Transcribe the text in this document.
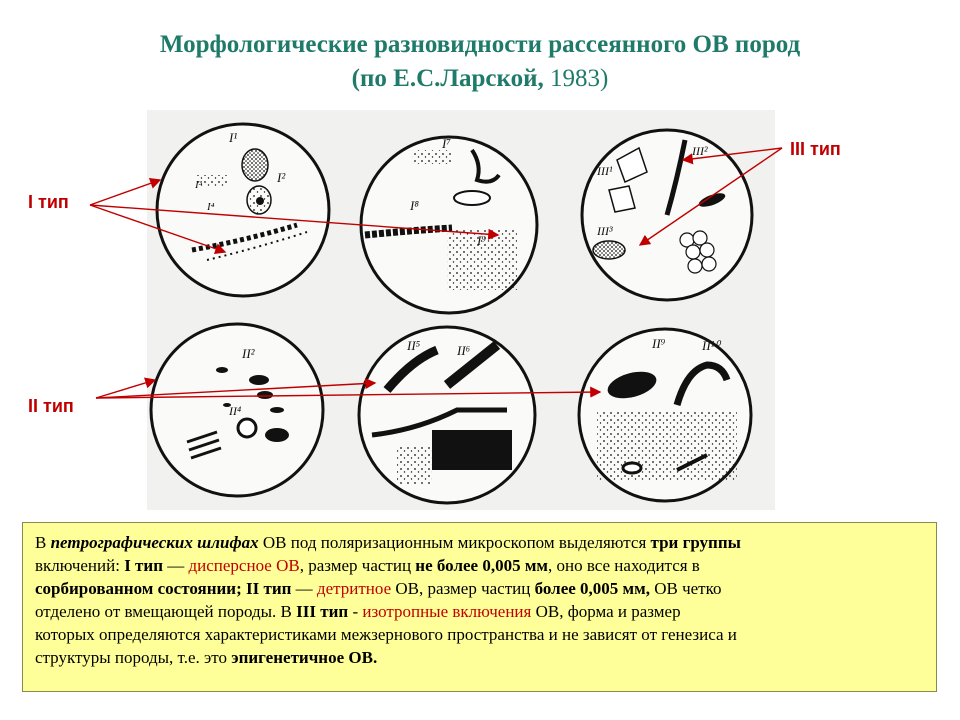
Морфологические разновидности рассеянного ОВ пород
(по Е.С.Ларской, 1983)
I¹
I²
I³
I⁴
I⁷
I⁸
I⁹
III¹
III²
III³
II²
II⁴
II⁵	II⁶	II⁹	II¹⁰
I тип
II тип
III тип

В петрографических шлифах ОВ под поляризационным микроскопом выделяются три группы

включений: I тип — дисперсное ОВ, размер частиц не более 0,005 мм, оно все находится в

сорбированном состоянии; II тип — детритное ОВ, размер частиц более 0,005 мм, ОВ четко

отделено от вмещающей породы. В III тип - изотропные включения ОВ, форма и размер

которых определяются характеристиками межзернового пространства и не зависят от генезиса и

структуры породы, т.е. это эпигенетичное ОВ.
